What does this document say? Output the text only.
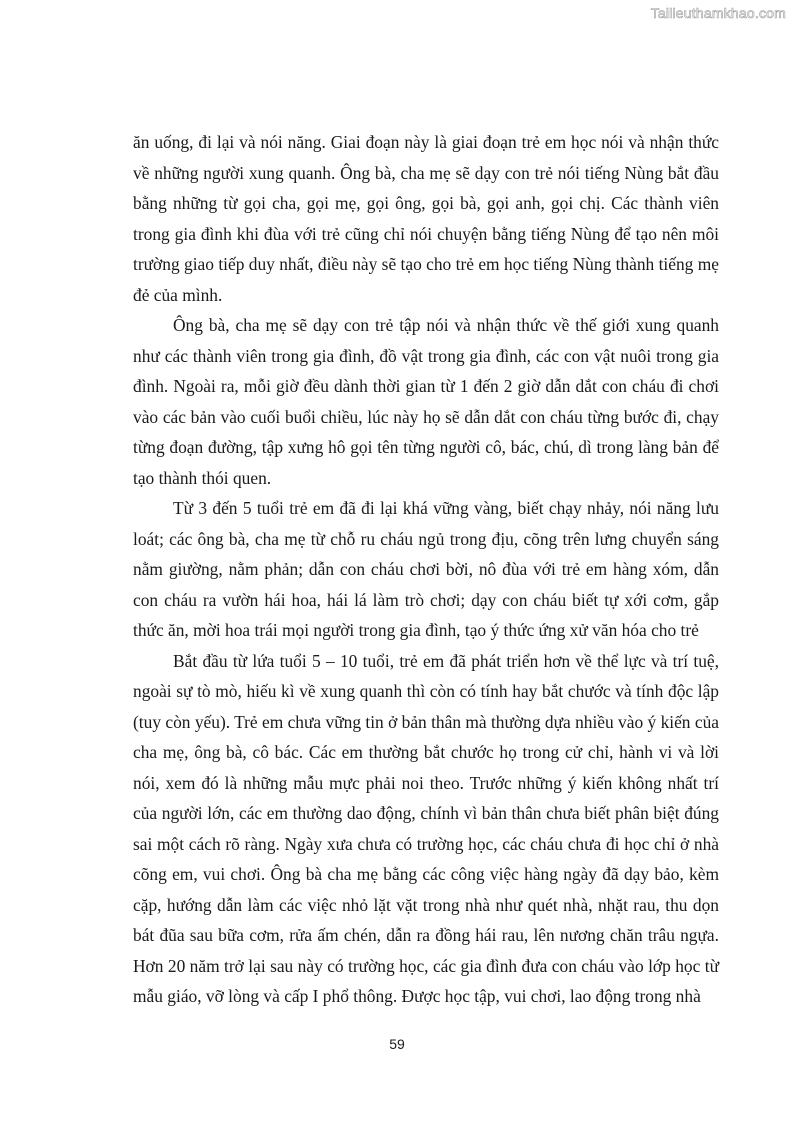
Tailieuthamkhao.com

ăn uống, đi lại và nói năng. Giai đoạn này là giai đoạn trẻ em học nói và nhận thức về những người xung quanh. Ông bà, cha mẹ sẽ dạy con trẻ nói tiếng Nùng bắt đầu bằng những từ gọi cha, gọi mẹ, gọi ông, gọi bà, gọi anh, gọi chị. Các thành viên trong gia đình khi đùa với trẻ cũng chỉ nói chuyện bằng tiếng Nùng để tạo nên môi trường giao tiếp duy nhất, điều này sẽ tạo cho trẻ em học tiếng Nùng thành tiếng mẹ đẻ của mình.

Ông bà, cha mẹ sẽ dạy con trẻ tập nói và nhận thức về thế giới xung quanh như các thành viên trong gia đình, đồ vật trong gia đình, các con vật nuôi trong gia đình. Ngoài ra, mỗi giờ đều dành thời gian từ 1 đến 2 giờ dẫn dắt con cháu đi chơi vào các bản vào cuối buổi chiều, lúc này họ sẽ dẫn dắt con cháu từng bước đi, chạy từng đoạn đường, tập xưng hô gọi tên từng người cô, bác, chú, dì trong làng bản để tạo thành thói quen.

Từ 3 đến 5 tuổi trẻ em đã đi lại khá vững vàng, biết chạy nhảy, nói năng lưu loát; các ông bà, cha mẹ từ chỗ ru cháu ngủ trong địu, cõng trên lưng chuyển sáng nằm giường, nằm phản; dẫn con cháu chơi bời, nô đùa với trẻ em hàng xóm, dẫn con cháu ra vườn hái hoa, hái lá làm trò chơi; dạy con cháu biết tự xới cơm, gắp thức ăn, mời hoa trái mọi người trong gia đình, tạo ý thức ứng xử văn hóa cho trẻ

Bắt đầu từ lứa tuổi 5 – 10 tuổi, trẻ em đã phát triển hơn về thể lực và trí tuệ, ngoài sự tò mò, hiếu kì về xung quanh thì còn có tính hay bắt chước và tính độc lập (tuy còn yếu). Trẻ em chưa vững tin ở bản thân mà thường dựa nhiều vào ý kiến của cha mẹ, ông bà, cô bác. Các em thường bắt chước họ trong cử chỉ, hành vi và lời nói, xem đó là những mẫu mực phải noi theo. Trước những ý kiến không nhất trí của người lớn, các em thường dao động, chính vì bản thân chưa biết phân biệt đúng sai một cách rõ ràng. Ngày xưa chưa có trường học, các cháu chưa đi học chỉ ở nhà cõng em, vui chơi. Ông bà cha mẹ bằng các công việc hàng ngày đã dạy bảo, kèm cặp, hướng dẫn làm các việc nhỏ lặt vặt trong nhà như quét nhà, nhặt rau, thu dọn bát đũa sau bữa cơm, rửa ấm chén, dẫn ra đồng hái rau, lên nương chăn trâu ngựa. Hơn 20 năm trở lại sau này có trường học, các gia đình đưa con cháu vào lớp học từ mẫu giáo, vỡ lòng và cấp I phổ thông. Được học tập, vui chơi, lao động trong nhà

59
